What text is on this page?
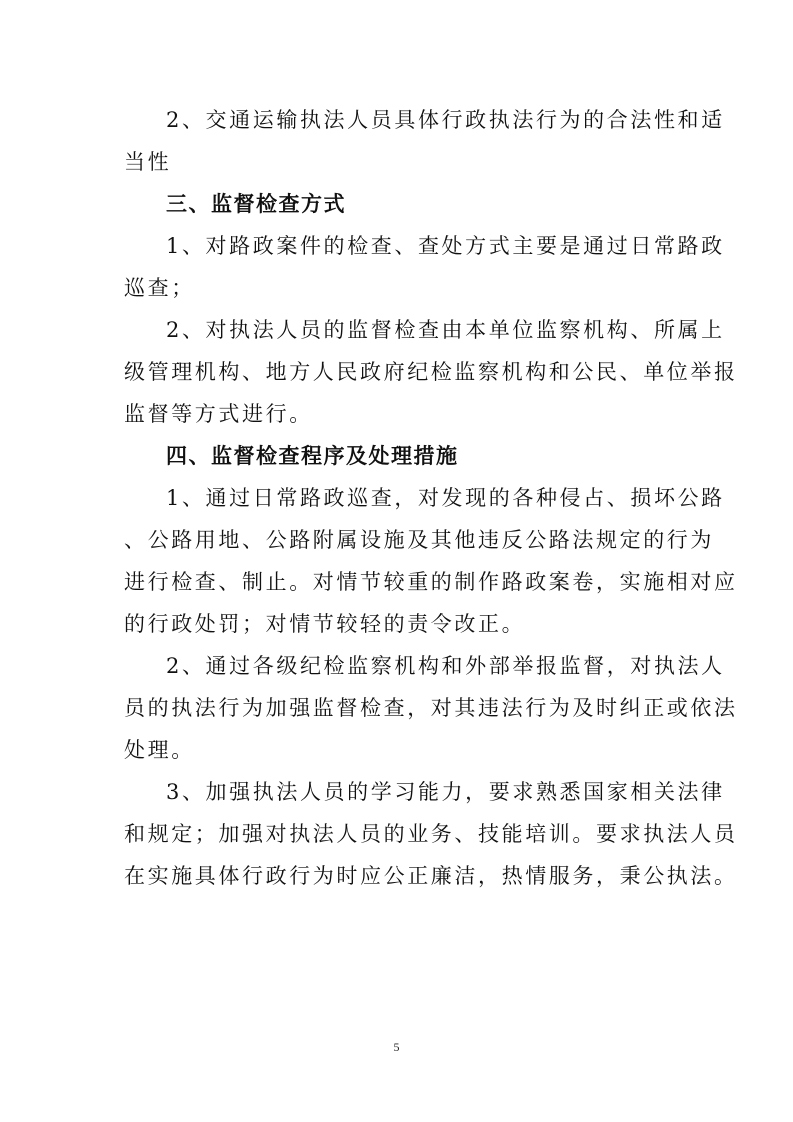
2、交通运输执法人员具体行政执法行为的合法性和适
当性

三、监督检查方式

1、对路政案件的检查、查处方式主要是通过日常路政
巡查；

2、对执法人员的监督检查由本单位监察机构、所属上
级管理机构、地方人民政府纪检监察机构和公民、单位举报
监督等方式进行。

四、监督检查程序及处理措施

1、通过日常路政巡查，对发现的各种侵占、损坏公路
、公路用地、公路附属设施及其他违反公路法规定的行为
进行检查、制止。对情节较重的制作路政案卷，实施相对应
的行政处罚；对情节较轻的责令改正。

2、通过各级纪检监察机构和外部举报监督，对执法人
员的执法行为加强监督检查，对其违法行为及时纠正或依法
处理。

3、加强执法人员的学习能力，要求熟悉国家相关法律
和规定；加强对执法人员的业务、技能培训。要求执法人员
在实施具体行政行为时应公正廉洁，热情服务，秉公执法。

5
